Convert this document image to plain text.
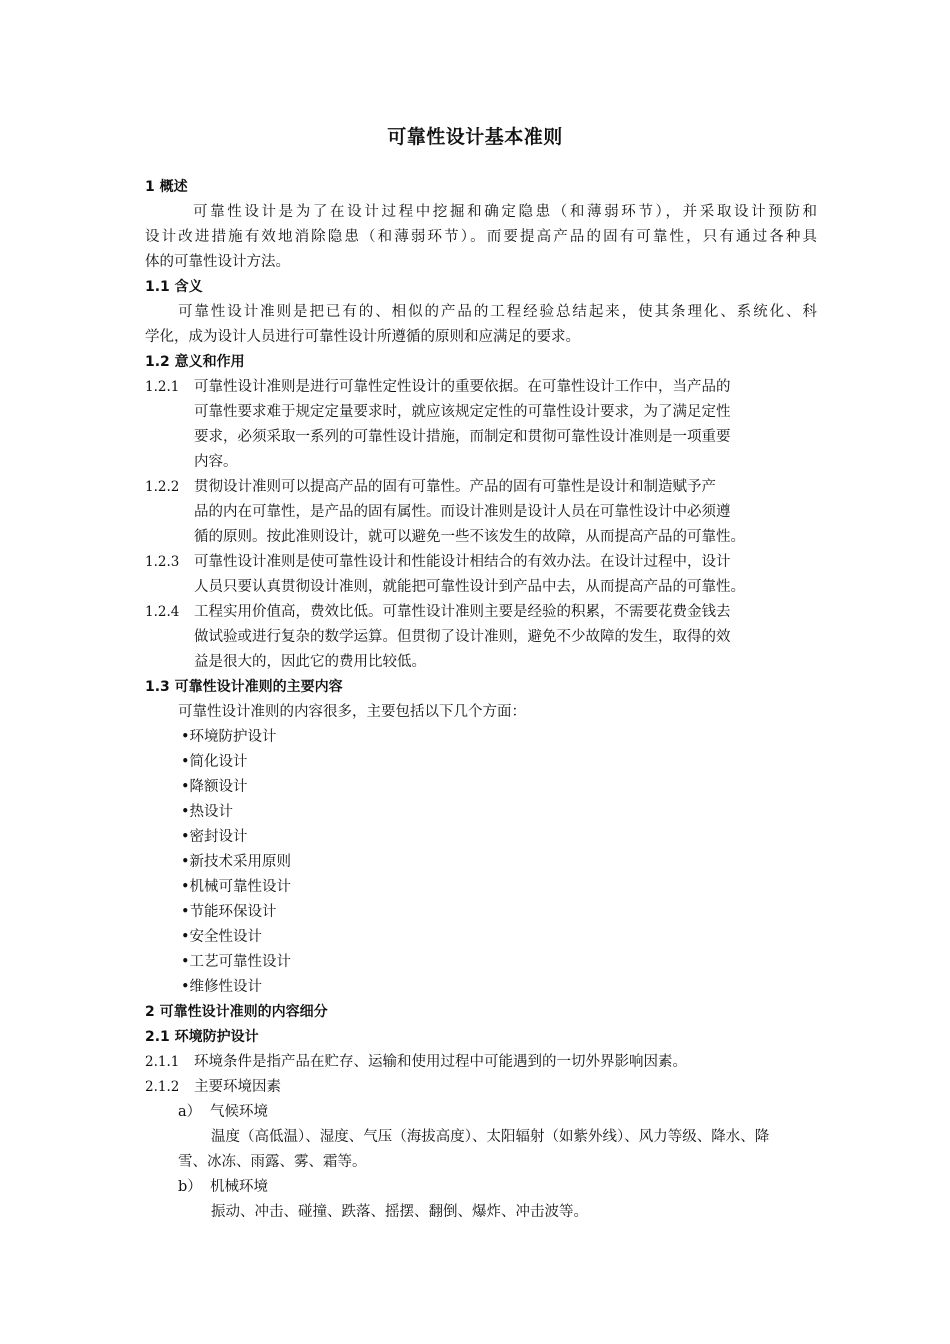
可靠性设计基本准则
1 概述
可靠性设计是为了在设计过程中挖掘和确定隐患（和薄弱环节），并采取设计预防和
设计改进措施有效地消除隐患（和薄弱环节）。而要提高产品的固有可靠性，只有通过各种具
体的可靠性设计方法。
1.1 含义
可靠性设计准则是把已有的、相似的产品的工程经验总结起来，使其条理化、系统化、科
学化，成为设计人员进行可靠性设计所遵循的原则和应满足的要求。
1.2 意义和作用
1.2.1	可靠性设计准则是进行可靠性定性设计的重要依据。在可靠性设计工作中，当产品的
可靠性要求难于规定定量要求时，就应该规定定性的可靠性设计要求，为了满足定性
要求，必须采取一系列的可靠性设计措施，而制定和贯彻可靠性设计准则是一项重要
内容。
1.2.2	贯彻设计准则可以提高产品的固有可靠性。产品的固有可靠性是设计和制造赋予产
品的内在可靠性，是产品的固有属性。而设计准则是设计人员在可靠性设计中必须遵
循的原则。按此准则设计，就可以避免一些不该发生的故障，从而提高产品的可靠性。
1.2.3	可靠性设计准则是使可靠性设计和性能设计相结合的有效办法。在设计过程中，设计
人员只要认真贯彻设计准则，就能把可靠性设计到产品中去，从而提高产品的可靠性。
1.2.4	工程实用价值高，费效比低。可靠性设计准则主要是经验的积累，不需要花费金钱去
做试验或进行复杂的数学运算。但贯彻了设计准则，避免不少故障的发生，取得的效
益是很大的，因此它的费用比较低。
1.3 可靠性设计准则的主要内容
可靠性设计准则的内容很多，主要包括以下几个方面：
•环境防护设计
•简化设计
•降额设计
•热设计
•密封设计
•新技术采用原则
•机械可靠性设计
•节能环保设计
•安全性设计
•工艺可靠性设计
•维修性设计
2 可靠性设计准则的内容细分
2.1 环境防护设计
2.1.1	环境条件是指产品在贮存、运输和使用过程中可能遇到的一切外界影响因素。
2.1.2	主要环境因素
a） 气候环境
温度（高低温）、湿度、气压（海拔高度）、太阳辐射（如紫外线）、风力等级、降水、降
雪、冰冻、雨露、雾、霜等。
b） 机械环境
振动、冲击、碰撞、跌落、摇摆、翻倒、爆炸、冲击波等。
